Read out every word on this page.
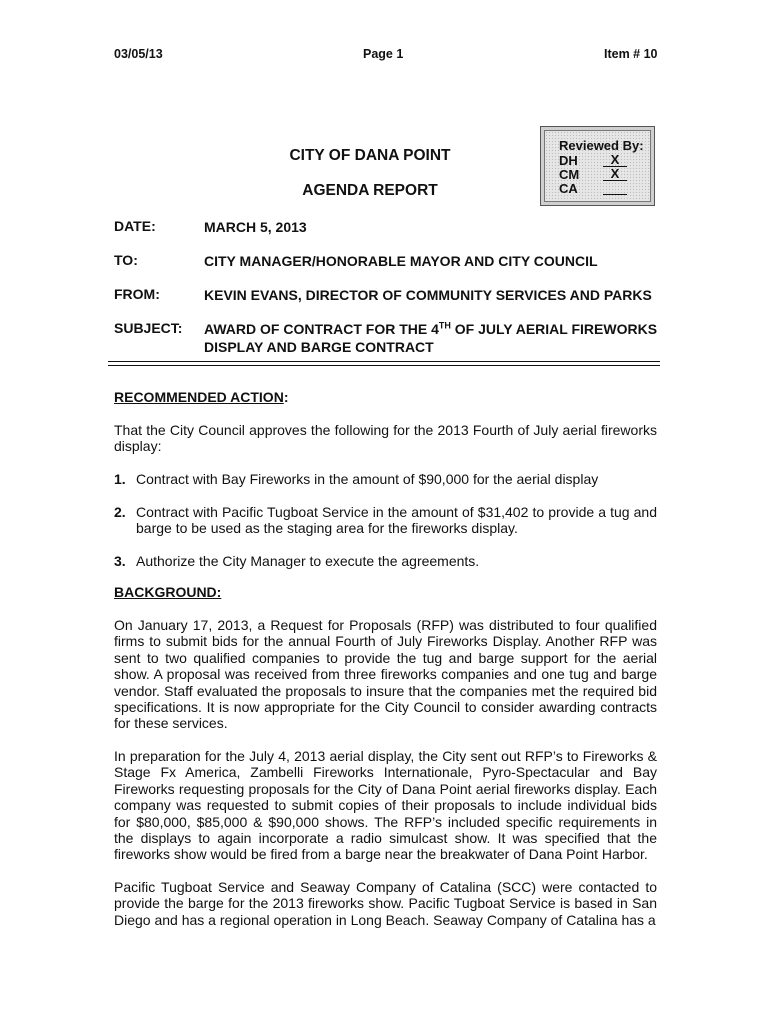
03/05/13	Page 1	Item # 10
CITY OF DANA POINT
AGENDA REPORT
Reviewed By:
DH	X
CM	X
CA
DATE:	MARCH 5, 2013
TO:	CITY MANAGER/HONORABLE MAYOR AND CITY COUNCIL
FROM:	KEVIN EVANS, DIRECTOR OF COMMUNITY SERVICES AND PARKS
SUBJECT: AWARD OF CONTRACT FOR THE 4TH OF JULY AERIAL FIREWORKS DISPLAY AND BARGE CONTRACT
RECOMMENDED ACTION:
That the City Council approves the following for the 2013 Fourth of July aerial fireworks display:
1. Contract with Bay Fireworks in the amount of $90,000 for the aerial display
2. Contract with Pacific Tugboat Service in the amount of $31,402 to provide a tug and barge to be used as the staging area for the fireworks display.
3. Authorize the City Manager to execute the agreements.
BACKGROUND:
On January 17, 2013, a Request for Proposals (RFP) was distributed to four qualified firms to submit bids for the annual Fourth of July Fireworks Display. Another RFP was sent to two qualified companies to provide the tug and barge support for the aerial show. A proposal was received from three fireworks companies and one tug and barge vendor. Staff evaluated the proposals to insure that the companies met the required bid specifications. It is now appropriate for the City Council to consider awarding contracts for these services.
In preparation for the July 4, 2013 aerial display, the City sent out RFP’s to Fireworks & Stage Fx America, Zambelli Fireworks Internationale, Pyro-Spectacular and Bay Fireworks requesting proposals for the City of Dana Point aerial fireworks display. Each company was requested to submit copies of their proposals to include individual bids for $80,000, $85,000 & $90,000 shows. The RFP’s included specific requirements in the displays to again incorporate a radio simulcast show. It was specified that the fireworks show would be fired from a barge near the breakwater of Dana Point Harbor.
Pacific Tugboat Service and Seaway Company of Catalina (SCC) were contacted to provide the barge for the 2013 fireworks show. Pacific Tugboat Service is based in San Diego and has a regional operation in Long Beach. Seaway Company of Catalina has a
